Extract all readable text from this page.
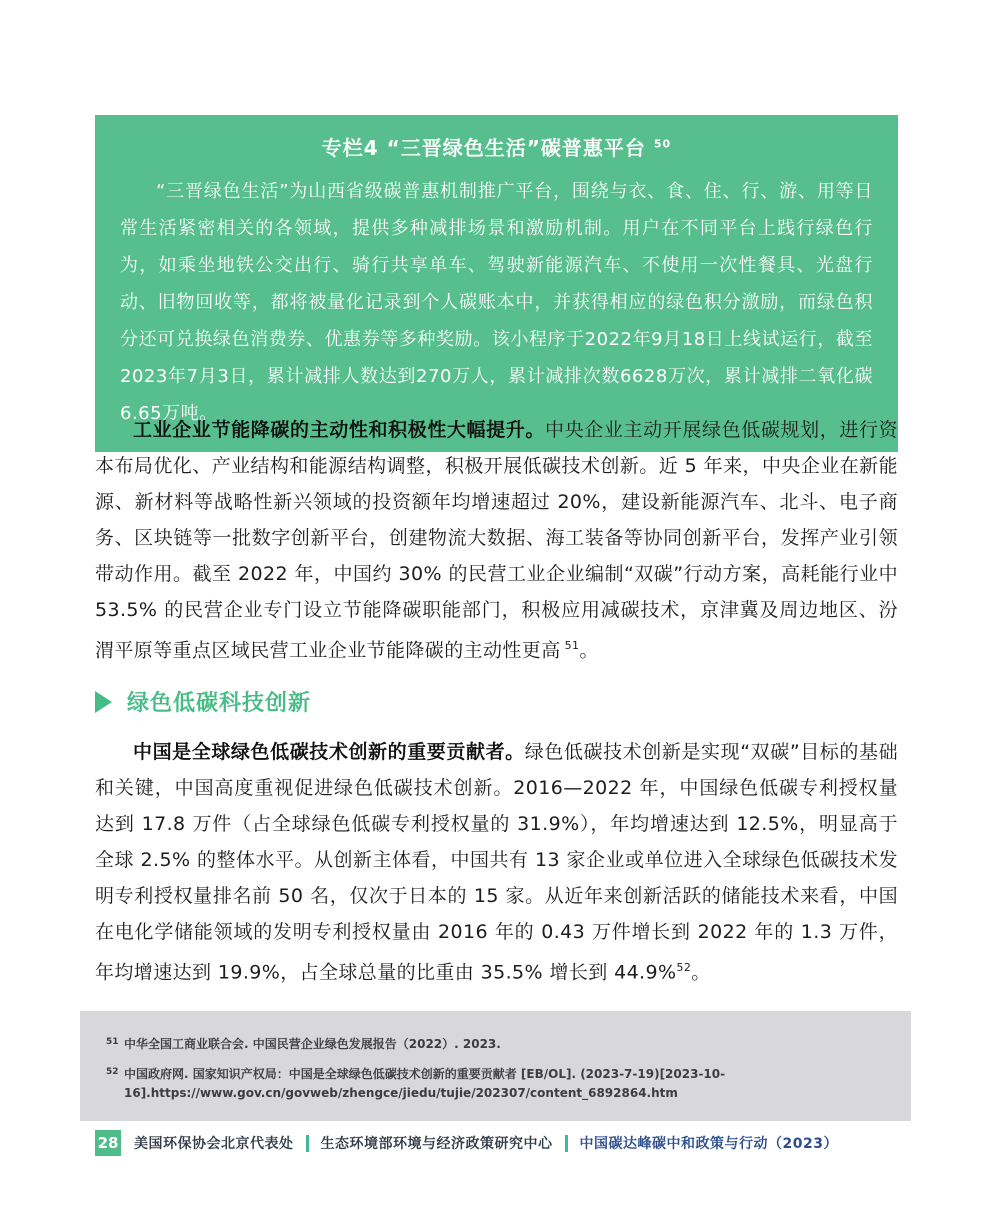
专栏4 “三晋绿色生活”碳普惠平台 $^{50}$

“三晋绿色生活”为山西省级碳普惠机制推广平台，围绕与衣、食、住、行、游、用等日常生活紧密相关的各领域，提供多种减排场景和激励机制。用户在不同平台上践行绿色行为，如乘坐地铁公交出行、骑行共享单车、驾驶新能源汽车、不使用一次性餐具、光盘行动、旧物回收等，都将被量化记录到个人碳账本中，并获得相应的绿色积分激励，而绿色积分还可兑换绿色消费券、优惠券等多种奖励。该小程序于2022年9月18日上线试运行，截至2023年7月3日，累计减排人数达到270万人，累计减排次数6628万次，累计减排二氧化碳6.65万吨。

工业企业节能降碳的主动性和积极性大幅提升。中央企业主动开展绿色低碳规划，进行资本布局优化、产业结构和能源结构调整，积极开展低碳技术创新。近 5 年来，中央企业在新能源、新材料等战略性新兴领域的投资额年均增速超过 20%，建设新能源汽车、北斗、电子商务、区块链等一批数字创新平台，创建物流大数据、海工装备等协同创新平台，发挥产业引领带动作用。截至 2022 年，中国约 30% 的民营工业企业编制“双碳”行动方案，高耗能行业中 53.5% 的民营企业专门设立节能降碳职能部门，积极应用减碳技术，京津冀及周边地区、汾渭平原等重点区域民营工业企业节能降碳的主动性更高 $^{51}$。

绿色低碳科技创新

中国是全球绿色低碳技术创新的重要贡献者。绿色低碳技术创新是实现“双碳”目标的基础和关键，中国高度重视促进绿色低碳技术创新。2016—2022 年，中国绿色低碳专利授权量达到 17.8 万件（占全球绿色低碳专利授权量的 31.9%），年均增速达到 12.5%，明显高于全球 2.5% 的整体水平。从创新主体看，中国共有 13 家企业或单位进入全球绿色低碳技术发明专利授权量排名前 50 名，仅次于日本的 15 家。从近年来创新活跃的储能技术来看，中国在电化学储能领域的发明专利授权量由 2016 年的 0.43 万件增长到 2022 年的 1.3 万件，年均增速达到 19.9%，占全球总量的比重由 35.5% 增长到 44.9%$^{52}$。

51 中华全国工商业联合会. 中国民营企业绿色发展报告（2022）. 2023.
52 中国政府网. 国家知识产权局：中国是全球绿色低碳技术创新的重要贡献者 [EB/OL]. (2023-7-19)[2023-10-16].https://www.gov.cn/govweb/zhengce/jiedu/tujie/202307/content_6892864.htm
28 美国环保协会北京代表处 生态环境部环境与经济政策研究中心 中国碳达峰碳中和政策与行动（2023）
